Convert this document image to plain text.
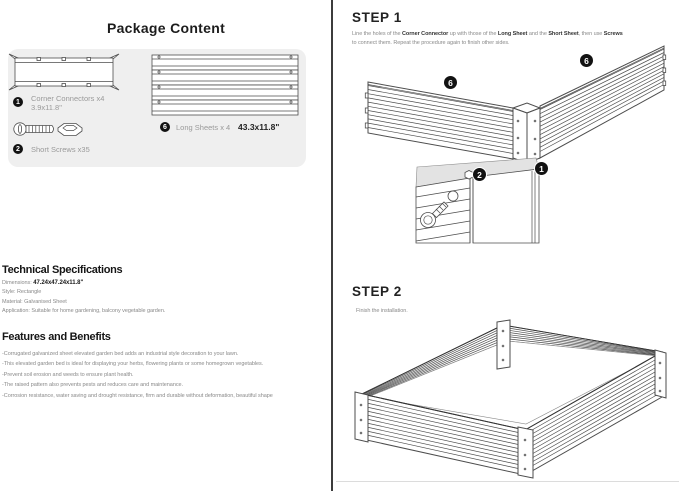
Package Content
1	Corner Connectors x4
3.9x11.8"
2	Short Screws x35
6	Long Sheets x 4 43.3x11.8"
Technical Specifications
Dimensions: 47.24x47.24x11.8"
Style: Rectangle
Material: Galvanised Sheet
Application: Suitable for home gardening, balcony vegetable garden.
Features and Benefits
-Corrugated galvanized sheet elevated garden bed adds an industrial style decoration to your lawn.
-This elevated garden bed is ideal for displaying your herbs, flowering plants or some homegrown vegetables.
-Prevent soil erosion and weeds to ensure plant health.
-The raised pattern also prevents pests and reduces care and maintenance.
-Corrosion resistance, water saving and drought resistance, firm and durable without deformation, beautiful shape
STEP 1
Line the holes of the Corner Connector up with those of the Long Sheet and the Short Sheet, then use Screws
to connect them. Repeat the procedure again to finish other sides.
6
6
1
2
STEP 2
Finish the installation.
